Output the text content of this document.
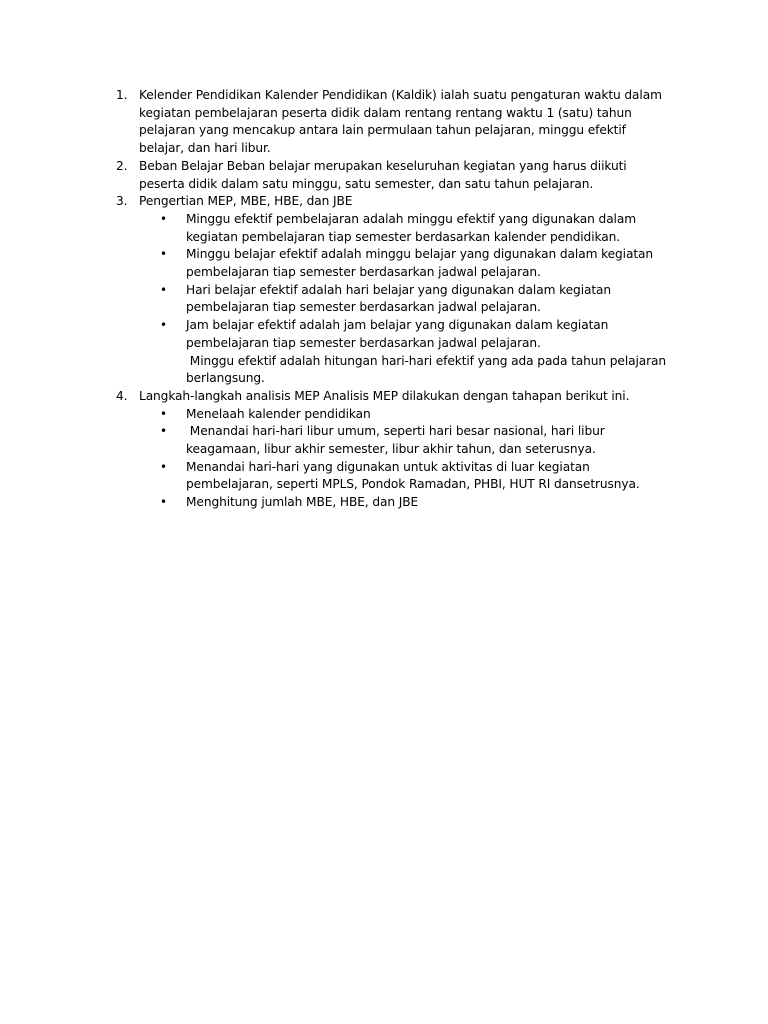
1. Kelender Pendidikan Kalender Pendidikan (Kaldik) ialah suatu pengaturan waktu dalam kegiatan pembelajaran peserta didik dalam rentang rentang waktu 1 (satu) tahun pelajaran yang mencakup antara lain permulaan tahun pelajaran, minggu efektif belajar, dan hari libur.
2. Beban Belajar Beban belajar merupakan keseluruhan kegiatan yang harus diikuti peserta didik dalam satu minggu, satu semester, dan satu tahun pelajaran.
3. Pengertian MEP, MBE, HBE, dan JBE
• Minggu efektif pembelajaran adalah minggu efektif yang digunakan dalam kegiatan pembelajaran tiap semester berdasarkan kalender pendidikan.
• Minggu belajar efektif adalah minggu belajar yang digunakan dalam kegiatan pembelajaran tiap semester berdasarkan jadwal pelajaran.
• Hari belajar efektif adalah hari belajar yang digunakan dalam kegiatan pembelajaran tiap semester berdasarkan jadwal pelajaran.
• Jam belajar efektif adalah jam belajar yang digunakan dalam kegiatan pembelajaran tiap semester berdasarkan jadwal pelajaran.
Minggu efektif adalah hitungan hari-hari efektif yang ada pada tahun pelajaran berlangsung.
4. Langkah-langkah analisis MEP Analisis MEP dilakukan dengan tahapan berikut ini.
• Menelaah kalender pendidikan
• Menandai hari-hari libur umum, seperti hari besar nasional, hari libur keagamaan, libur akhir semester, libur akhir tahun, dan seterusnya.
• Menandai hari-hari yang digunakan untuk aktivitas di luar kegiatan pembelajaran, seperti MPLS, Pondok Ramadan, PHBI, HUT RI dansetrusnya.
• Menghitung jumlah MBE, HBE, dan JBE
